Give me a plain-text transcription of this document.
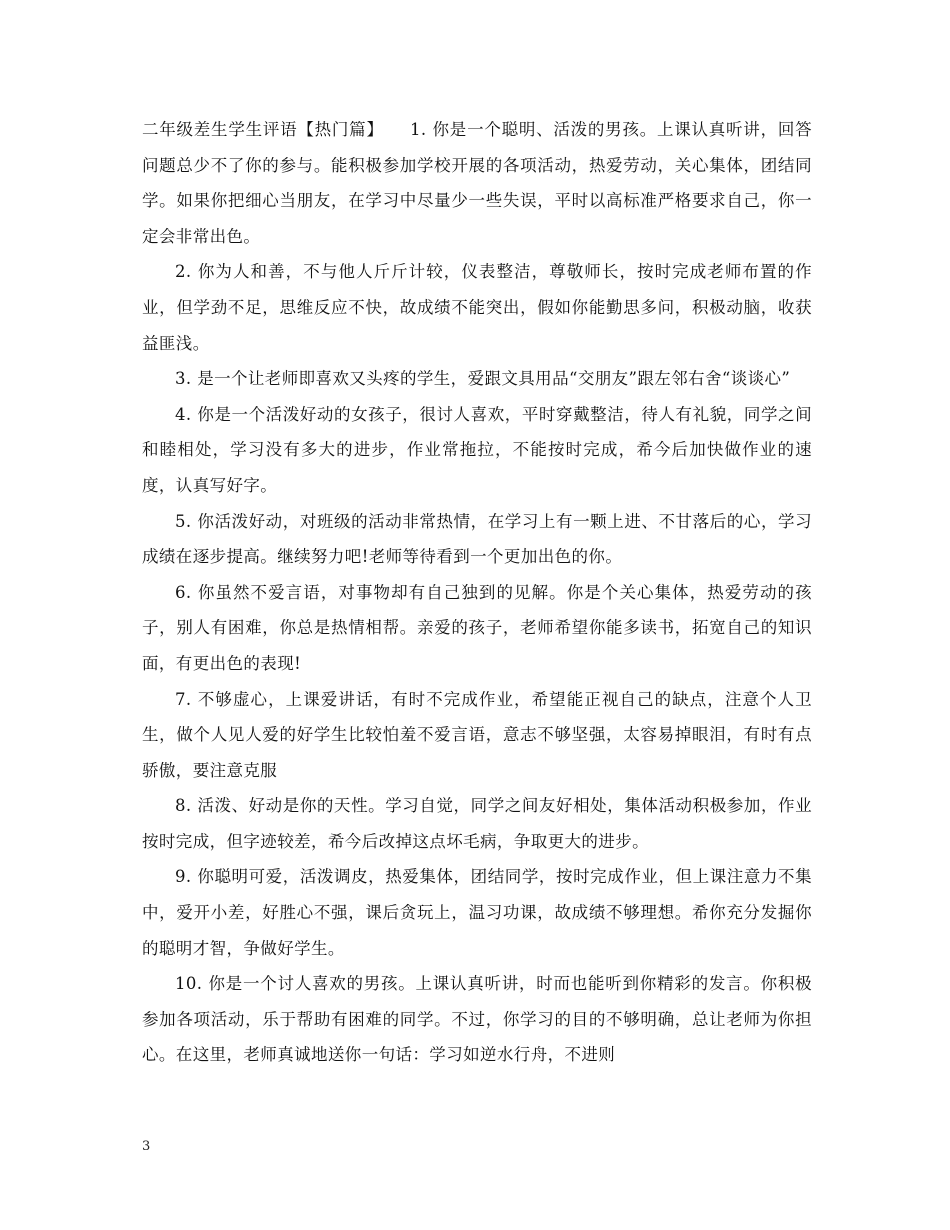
二年级差生学生评语【热门篇】　　1. 你是一个聪明、活泼的男孩。上课认真听讲，回答问题总少不了你的参与。能积极参加学校开展的各项活动，热爱劳动，关心集体，团结同学。如果你把细心当朋友，在学习中尽量少一些失误，平时以高标准严格要求自己，你一定会非常出色。

2. 你为人和善，不与他人斤斤计较，仪表整洁，尊敬师长，按时完成老师布置的作业，但学劲不足，思维反应不快，故成绩不能突出，假如你能勤思多问，积极动脑，收获益匪浅。

3. 是一个让老师即喜欢又头疼的学生，爱跟文具用品“交朋友”跟左邻右舍“谈谈心”

4. 你是一个活泼好动的女孩子，很讨人喜欢，平时穿戴整洁，待人有礼貌，同学之间和睦相处，学习没有多大的进步，作业常拖拉，不能按时完成，希今后加快做作业的速度，认真写好字。

5. 你活泼好动，对班级的活动非常热情，在学习上有一颗上进、不甘落后的心，学习成绩在逐步提高。继续努力吧!老师等待看到一个更加出色的你。

6. 你虽然不爱言语，对事物却有自己独到的见解。你是个关心集体，热爱劳动的孩子，别人有困难，你总是热情相帮。亲爱的孩子，老师希望你能多读书，拓宽自己的知识面，有更出色的表现!

7. 不够虚心，上课爱讲话，有时不完成作业，希望能正视自己的缺点，注意个人卫生，做个人见人爱的好学生比较怕羞不爱言语，意志不够坚强，太容易掉眼泪，有时有点骄傲，要注意克服

8. 活泼、好动是你的天性。学习自觉，同学之间友好相处，集体活动积极参加，作业按时完成，但字迹较差，希今后改掉这点坏毛病，争取更大的进步。

9. 你聪明可爱，活泼调皮，热爱集体，团结同学，按时完成作业，但上课注意力不集中，爱开小差，好胜心不强，课后贪玩上，温习功课，故成绩不够理想。希你充分发掘你的聪明才智，争做好学生。

10. 你是一个讨人喜欢的男孩。上课认真听讲，时而也能听到你精彩的发言。你积极参加各项活动，乐于帮助有困难的同学。不过，你学习的目的不够明确，总让老师为你担心。在这里，老师真诚地送你一句话：学习如逆水行舟，不进则

3
